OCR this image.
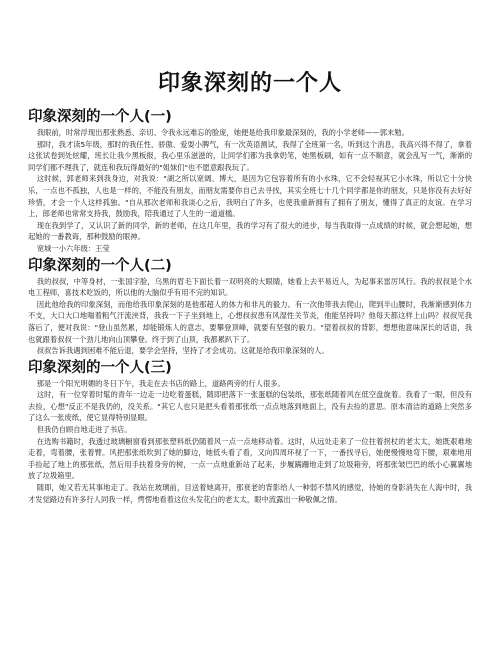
印象深刻的一个人
印象深刻的一个人(一)

我眼前，时常浮现出那张熟悉、亲切、令我永远难忘的脸庞，她便是给我印象最深刻的，我的小学老师——郭末勉。

那时，我才读5年级，那时的我任性、骄傲、爱耍小脾气，有一次英语测试，我得了全班第一名，听到这个消息，我高兴得不得了，拿着这张试卷到处炫耀，班长让我少黑板报，我心里乐滋滋的，让同学们都为我拿奶笔，她黑板刷，如有一点不顺意，就会乱写一气，渐渐的同学们都不理我了，就连和我玩得最好的"姐妹们"也不愿意跟我玩了。

这时候，郭老师来到我身边，对我说："湖之所以宽阔、博大，是因为它包容着所有的小水珠，它不会轻视其它小水珠，所以它十分快乐，一点也不孤独，人也是一样的，不能没有朋友，而朋友需要你自己去寻找，其实全班七十几个同学都是你的朋友，只是你没有去好好珍惜，才会一个人这样孤独。"自从那次老师和我谈心之后，我明白了许多，也使我重新拥有了拥有了朋友，懂得了真正的友谊。在学习上，郎老师也常常支持我，鼓励我，陪我通过了人生的一道道槛。

现在我到学了，又认识了新的同学，新的老师，在这几年里，我的学习有了很大的进步，每当我取得一点成绩的时候，就会想起她，想起她的一番教诲，那种鼓励的眼神。

宽城一小六年级：王莹

印象深刻的一个人(二)

我的叔叔，中等身材，一张国字脸，乌黑的眉毛下面长着一双明亮的大眼睛，她看上去平易近人，为起事来雷厉风行。我的叔叔是个水电工程师，喜技术吃饭的，所以他的大脑似乎有用不完的知识。

因此他给我的印象深刻，而他给我印象深刻的是他那超人的体力和非凡的毅力。有一次他带我去爬山，爬到半山腰时，我渐渐感到体力不支，大口大口地喘着粗气汗流浃背，我我一下子坐到地上，心想叔叔患有风湿性关节炎，他能坚持吗？他每天都这样上山吗？叔叔见我落后了，便对我说："登山虽然累，却能锻炼人的意志，要攀登顶峰，就要有坚强的毅力。"望着叔叔的背影，想想他意味深长的话语，我也就跟着叔叔一个劲儿地向山顶攀登。终于到了山顶，我都累趴下了。

叔叔告诉我遇到困难不能后退，要学会坚持，坚持了才会成功。这就是给我印象深刻的人。

印象深刻的一个人(三)

那是一个阳光明媚的冬日下午，我走在去书店的路上，道路两旁的行人很多。

这时，有一位穿着时髦的青年一边走一边吃着蛋糕，随即把落下一张蛋糕的包装纸，那张纸随着风在低空盘旋着。我看了一眼，但没有去捡，心想"反正不是我仍的，没关系。"其它人也只是把头看着那张纸一点点地落到地面上，没有去捡的意思。原本清洁的道路上突然多了这么一张废纸，使它显得特别显眼。

但我仍自顾自地走进了书店。

在选购书籍时，我透过玻璃橱窗看到那张塑料纸仍随着风一点一点地移动着。这时，从远处走来了一位拄着拐杖的老太太，她既艰难地走着，弯着腰，张着臂。风把那张纸吹到了她的脚边，她低头看了看，又向四周环视了一下，一番找寻后，她便慢慢地弯下腰，艰难地用手捡起了地上的那张纸，然后用手扶着身旁的树，一点一点地重新站了起来，步履蹒跚地走到了垃圾箱旁，将那张皱巴巴的纸小心翼翼地放了垃圾箱里。

随即，她又若无其事地走了。我站在玻璃前，目送着她离开，那衰老的背影给人一种弱不禁风的感觉，待她的身影消失在人海中时，我才发觉路边有许多行人同我一样，愕愣地看着这位头发花白的老太太，眼中流露出一种敬佩之情。
